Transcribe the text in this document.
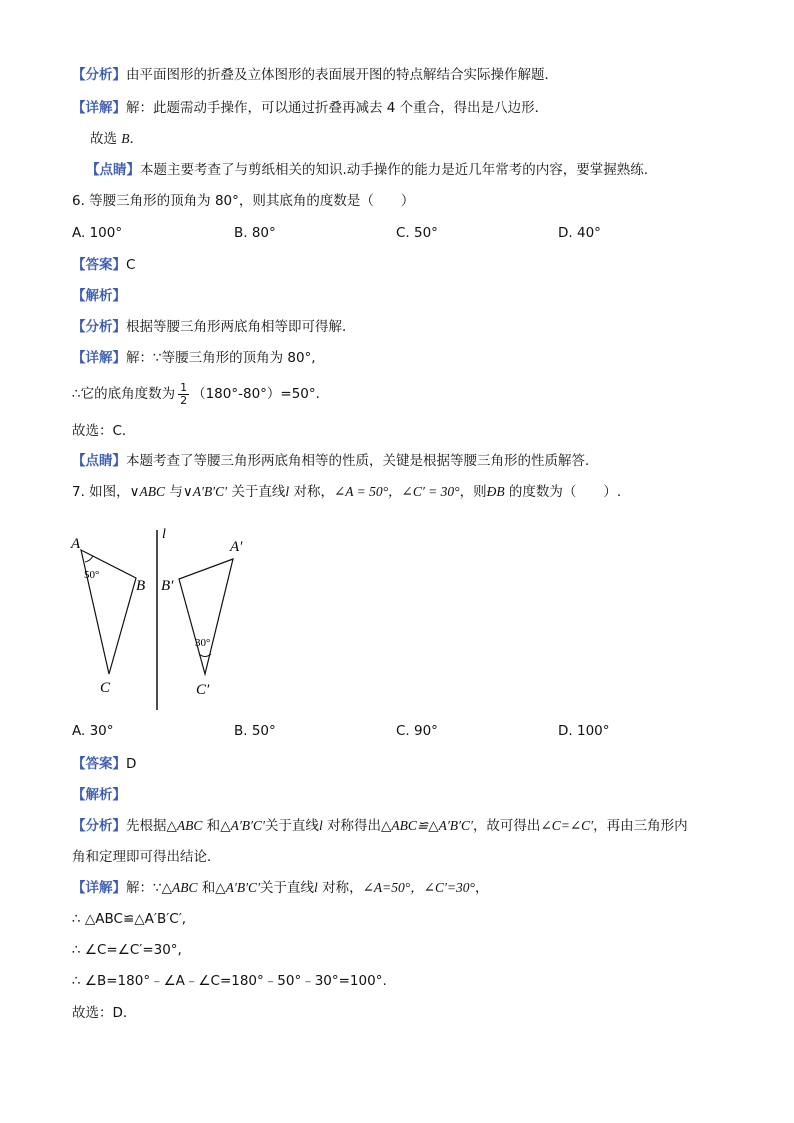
【分析】由平面图形的折叠及立体图形的表面展开图的特点解结合实际操作解题．
【详解】解：此题需动手操作，可以通过折叠再减去 4 个重合，得出是八边形．
故选 B．
【点睛】本题主要考查了与剪纸相关的知识.动手操作的能力是近几年常考的内容，要掌握熟练.
6. 等腰三角形的顶角为 80°，则其底角的度数是（　　）
A. 100°	B. 80°	C. 50°	D. 40°
【答案】C
【解析】
【分析】根据等腰三角形两底角相等即可得解．
【详解】解：∵等腰三角形的顶角为 80°,
∴它的底角度数为 $\frac{1}{2} (180^\circ-80^\circ)=50^\circ$.
故选：C．
【点睛】本题考查了等腰三角形两底角相等的性质，关键是根据等腰三角形的性质解答．
7. 如图，∨ABC 与∨A′B′C′ 关于直线l 对称，∠A = 50°，∠C′ = 30°，则ÐB 的度数为（　　）.
l
A
B
C
50°
A′
B′
C′
30°
A. 30°	B. 50°	C. 90°	D. 100°
【答案】D
【解析】
【分析】先根据△ABC 和△A′B′C′关于直线l 对称得出△ABC≌△A′B′C′，故可得出∠C=∠C′，再由三角形内
角和定理即可得出结论．
【详解】解：∵△ABC 和△A′B′C′关于直线l 对称，∠A=50°，∠C′=30°，
∴ △ABC≌△A′B′C′,
∴ ∠C=∠C′=30°,
∴ ∠B=180°﹣∠A﹣∠C=180°﹣50°﹣30°=100°.
故选：D．
